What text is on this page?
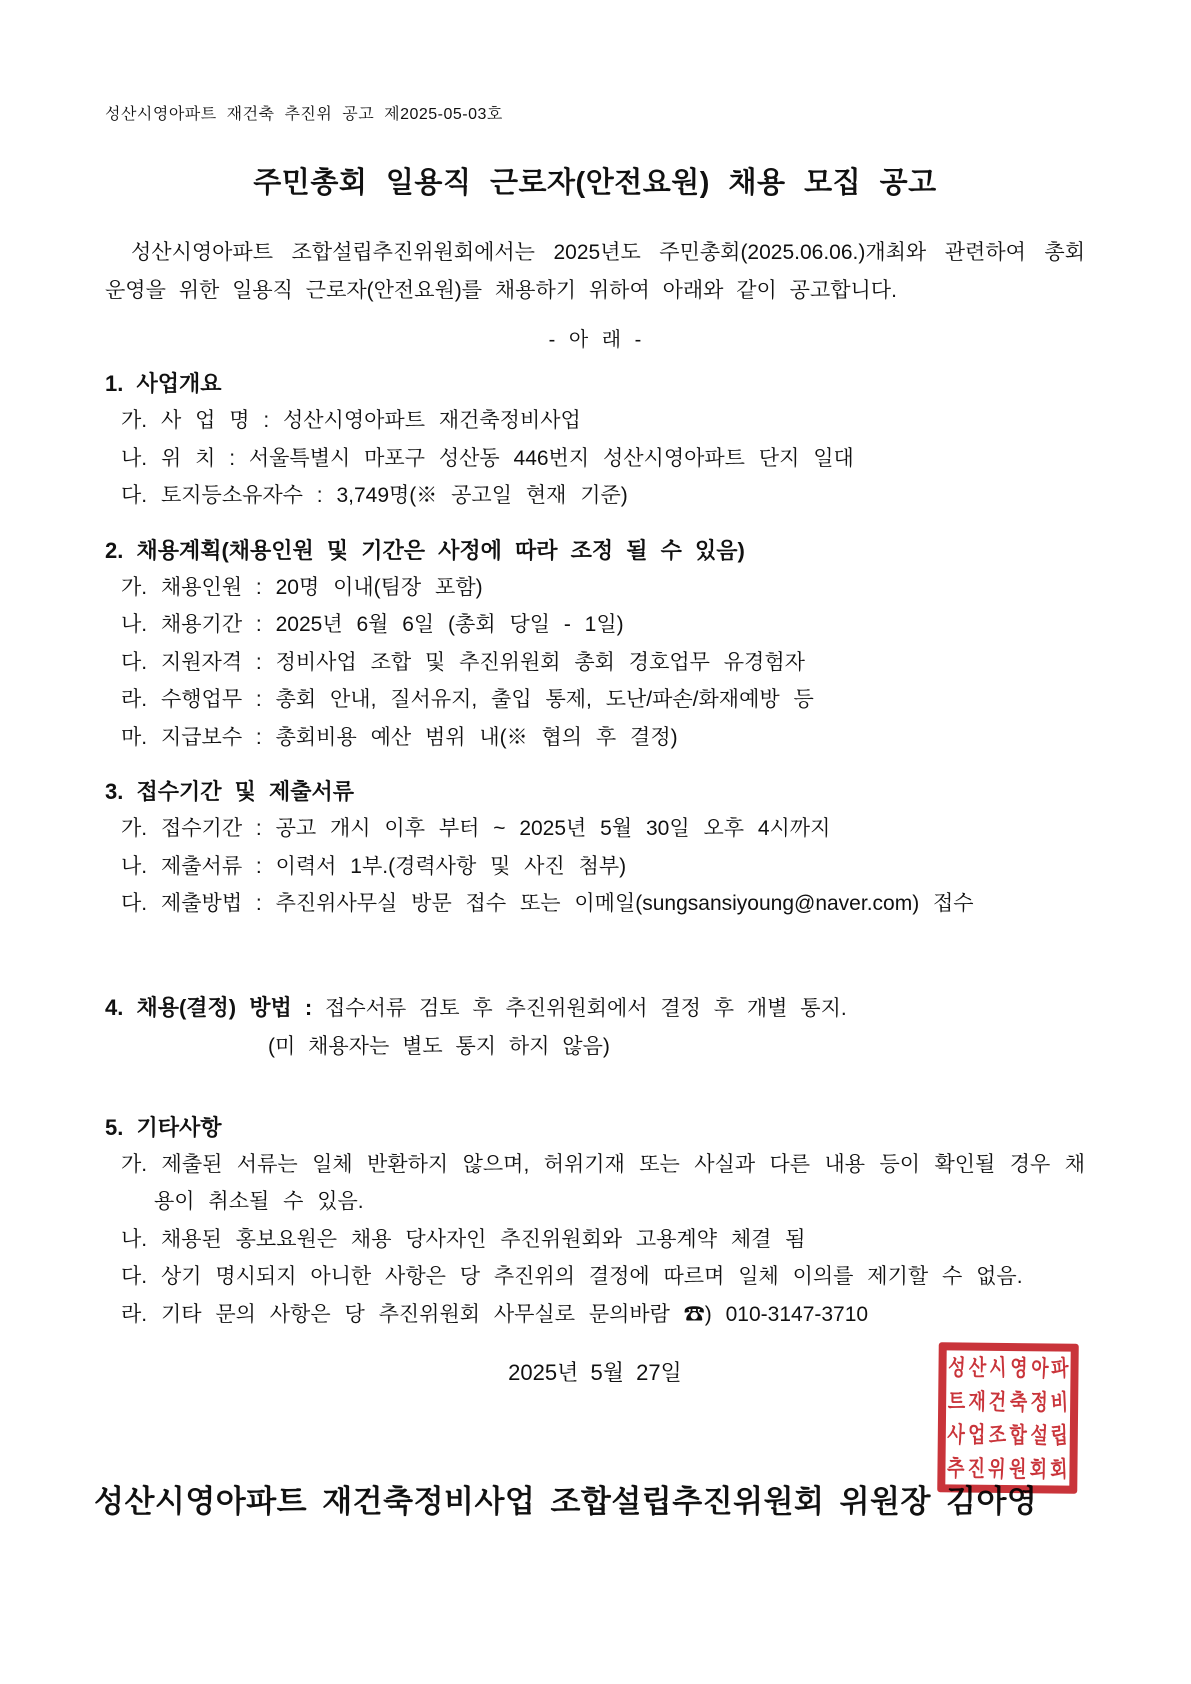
성산시영아파트 재건축 추진위 공고 제2025-05-03호
주민총회 일용직 근로자(안전요원) 채용 모집 공고

성산시영아파트 조합설립추진위원회에서는 2025년도 주민총회(2025.06.06.)개최와 관련하여 총회 운영을 위한 일용직 근로자(안전요원)를 채용하기 위하여 아래와 같이 공고합니다.

- 아 래 -
1. 사업개요
가. 사 업 명 : 성산시영아파트 재건축정비사업
나. 위 치 : 서울특별시 마포구 성산동 446번지 성산시영아파트 단지 일대
다. 토지등소유자수 : 3,749명(※ 공고일 현재 기준)
2. 채용계획(채용인원 및 기간은 사정에 따라 조정 될 수 있음)
가. 채용인원 : 20명 이내(팀장 포함)
나. 채용기간 : 2025년 6월 6일 (총회 당일 - 1일)
다. 지원자격 : 정비사업 조합 및 추진위원회 총회 경호업무 유경험자
라. 수행업무 : 총회 안내, 질서유지, 출입 통제, 도난/파손/화재예방 등
마. 지급보수 : 총회비용 예산 범위 내(※ 협의 후 결정)
3. 접수기간 및 제출서류
가. 접수기간 : 공고 개시 이후 부터 ~ 2025년 5월 30일 오후 4시까지
나. 제출서류 : 이력서 1부.(경력사항 및 사진 첨부)
다. 제출방법 : 추진위사무실 방문 접수 또는 이메일(sungsansiyoung@naver.com) 접수
4. 채용(결정) 방법 : 접수서류 검토 후 추진위원회에서 결정 후 개별 통지.
(미 채용자는 별도 통지 하지 않음)
5. 기타사항
가. 제출된 서류는 일체 반환하지 않으며, 허위기재 또는 사실과 다른 내용 등이 확인될 경우 채용이 취소될 수 있음.
나. 채용된 홍보요원은 채용 당사자인 추진위원회와 고용계약 체결 됨
다. 상기 명시되지 아니한 사항은 당 추진위의 결정에 따르며 일체 이의를 제기할 수 없음.
라. 기타 문의 사항은 당 추진위원회 사무실로 문의바람 ☎) 010-3147-3710
2025년 5월 27일	성 산 시 영 아 파
트 재 건 축 정 비
사 업 조 합 설 립
추 진 위 원 회 회
성산시영아파트 재건축정비사업 조합설립추진위원회 위원장 김아영
